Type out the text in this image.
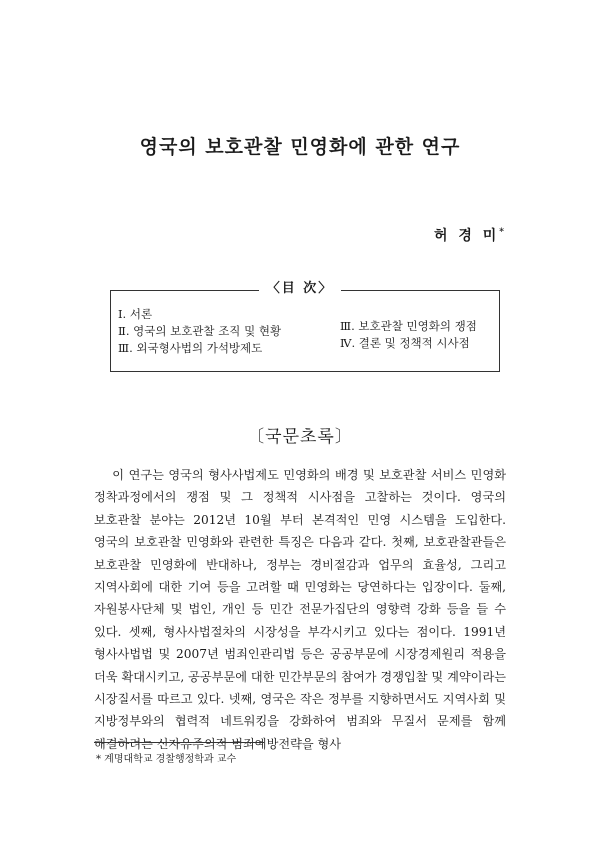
영국의 보호관찰 민영화에 관한 연구
허 경 미*
〈目 次〉
Ⅰ. 서론
Ⅱ. 영국의 보호관찰 조직 및 현황
Ⅲ. 외국형사법의 가석방제도
Ⅲ. 보호관찰 민영화의 쟁점
Ⅳ. 결론 및 정책적 시사점
〔국문초록〕

이 연구는 영국의 형사사법제도 민영화의 배경 및 보호관찰 서비스 민영화 정착과정에서의 쟁점 및 그 정책적 시사점을 고찰하는 것이다. 영국의 보호관찰 분야는 2012년 10월 부터 본격적인 민영 시스템을 도입한다. 영국의 보호관찰 민영화와 관련한 특징은 다음과 같다. 첫째, 보호관찰관들은 보호관찰 민영화에 반대하나, 정부는 경비절감과 업무의 효율성, 그리고 지역사회에 대한 기여 등을 고려할 때 민영화는 당연하다는 입장이다. 둘째, 자원봉사단체 및 법인, 개인 등 민간 전문가집단의 영향력 강화 등을 들 수 있다. 셋째, 형사사법절차의 시장성을 부각시키고 있다는 점이다. 1991년 형사사법법 및 2007년 범죄인관리법 등은 공공부문에 시장경제원리 적용을 더욱 확대시키고, 공공부문에 대한 민간부문의 참여가 경쟁입찰 및 계약이라는 시장질서를 따르고 있다. 넷째, 영국은 작은 정부를 지향하면서도 지역사회 및 지방정부와의 협력적 네트워킹을 강화하여 범죄와 무질서 문제를 함께 해결하려는 신자유주의적 범죄예방전략을 형사

* 계명대학교 경찰행정학과 교수
